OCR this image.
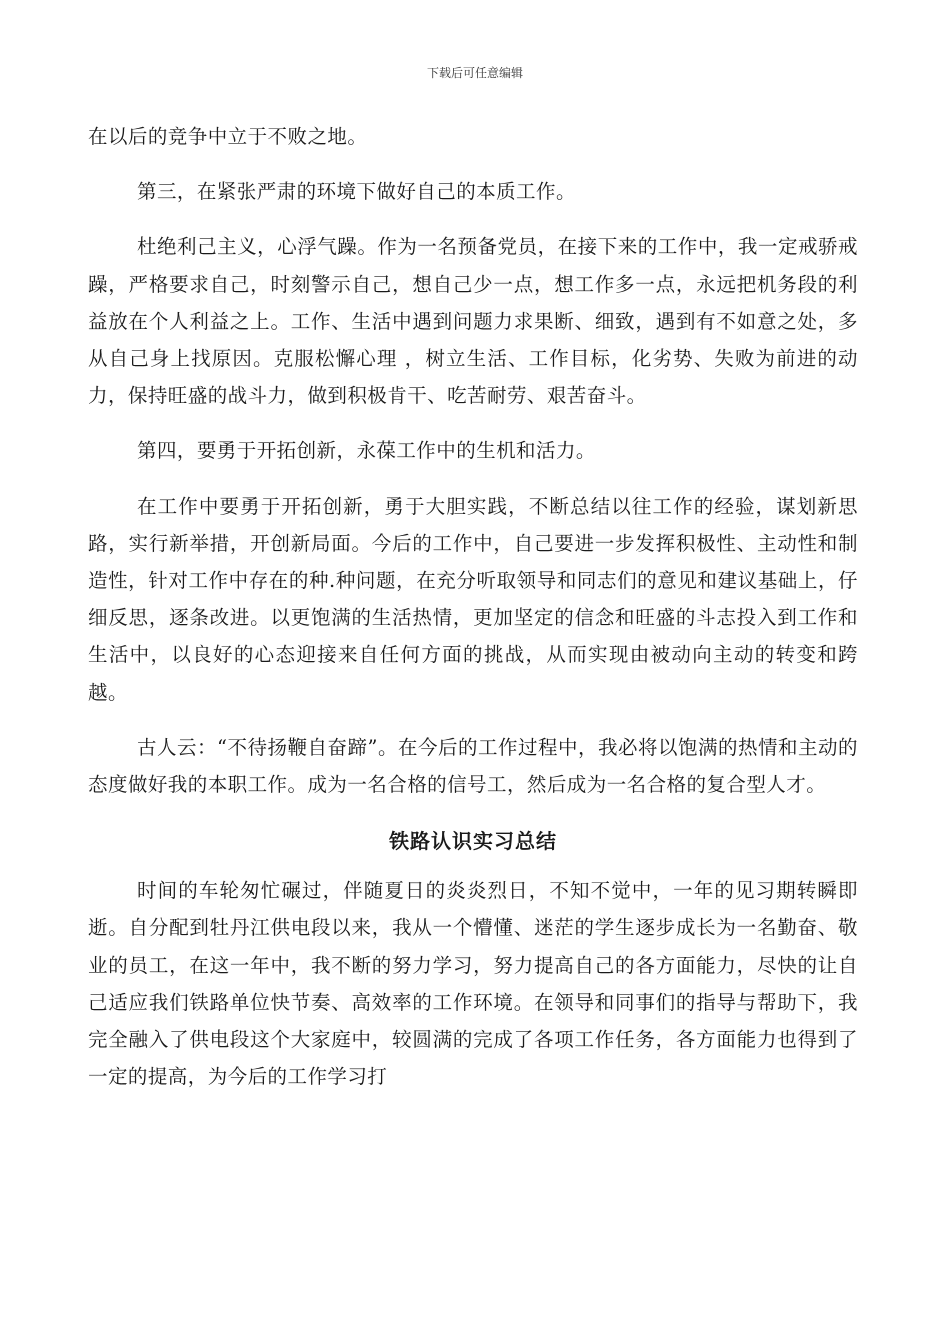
下载后可任意编辑

在以后的竞争中立于不败之地。

第三，在紧张严肃的环境下做好自己的本质工作。

杜绝利己主义，心浮气躁。作为一名预备党员，在接下来的工作中，我一定戒骄戒躁，严格要求自己，时刻警示自己，想自己少一点，想工作多一点，永远把机务段的利益放在个人利益之上。工作、生活中遇到问题力求果断、细致，遇到有不如意之处，多从自己身上找原因。克服松懈心理 ，树立生活、工作目标，化劣势、失败为前进的动力，保持旺盛的战斗力，做到积极肯干、吃苦耐劳、艰苦奋斗。

第四，要勇于开拓创新，永葆工作中的生机和活力。

在工作中要勇于开拓创新，勇于大胆实践，不断总结以往工作的经验，谋划新思路，实行新举措，开创新局面。今后的工作中，自己要进一步发挥积极性、主动性和制造性，针对工作中存在的种.种问题，在充分听取领导和同志们的意见和建议基础上，仔细反思，逐条改进。以更饱满的生活热情，更加坚定的信念和旺盛的斗志投入到工作和生活中，以良好的心态迎接来自任何方面的挑战，从而实现由被动向主动的转变和跨越。

古人云：“不待扬鞭自奋蹄”。在今后的工作过程中，我必将以饱满的热情和主动的态度做好我的本职工作。成为一名合格的信号工，然后成为一名合格的复合型人才。

铁路认识实习总结

时间的车轮匆忙碾过，伴随夏日的炎炎烈日，不知不觉中，一年的见习期转瞬即逝。自分配到牡丹江供电段以来，我从一个懵懂、迷茫的学生逐步成长为一名勤奋、敬业的员工，在这一年中，我不断的努力学习，努力提高自己的各方面能力，尽快的让自己适应我们铁路单位快节奏、高效率的工作环境。在领导和同事们的指导与帮助下，我完全融入了供电段这个大家庭中，较圆满的完成了各项工作任务，各方面能力也得到了一定的提高，为今后的工作学习打
